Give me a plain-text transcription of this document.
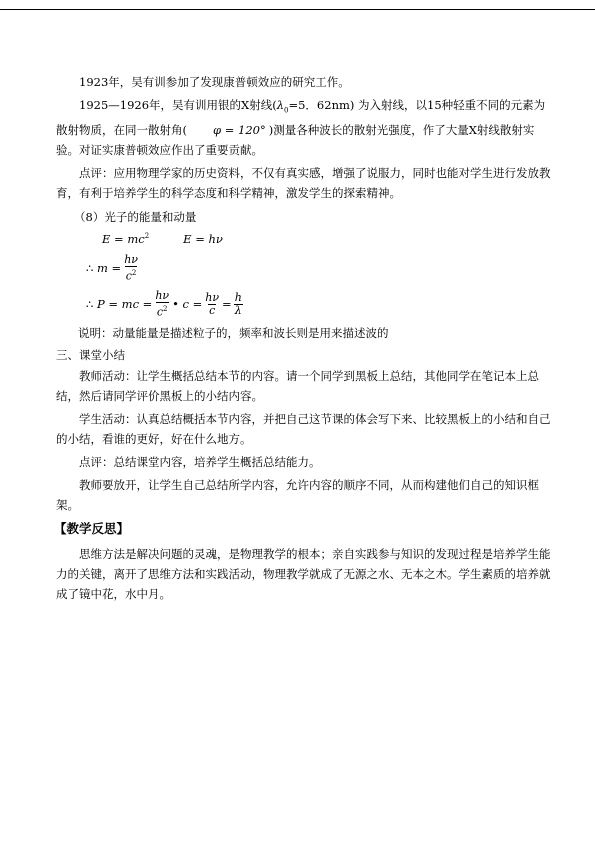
1923年，吴有训参加了发现康普顿效应的研究工作。

1925—1926年，吴有训用银的X射线($\lambda_0=5$．62nm) 为入射线，以15种轻重不同的元素为散射物质，在同一散射角( φ = 120° )测量各种波长的散射光强度，作了大量X射线散射实验。对证实康普顿效应作出了重要贡献。

点评：应用物理学家的历史资料，不仅有真实感，增强了说服力，同时也能对学生进行发放教育，有利于培养学生的科学态度和科学精神，激发学生的探索精神。

（8）光子的能量和动量

$E = mc^2$	E = hν
∴
$m = \frac{h\nu}{c^2}$
∴
P = mc = $\frac{h\nu}{c^2}$ • $c = \frac{h\nu}{c} = \frac{h}{\lambda}$

说明：动量能量是描述粒子的，频率和波长则是用来描述波的

三、课堂小结

教师活动：让学生概括总结本节的内容。请一个同学到黑板上总结，其他同学在笔记本上总结，然后请同学评价黑板上的小结内容。

学生活动：认真总结概括本节内容，并把自己这节课的体会写下来、比较黑板上的小结和自己的小结，看谁的更好，好在什么地方。

点评：总结课堂内容，培养学生概括总结能力。

教师要放开，让学生自己总结所学内容，允许内容的顺序不同，从而构建他们自己的知识框架。

【教学反思】

思维方法是解决问题的灵魂，是物理教学的根本；亲自实践参与知识的发现过程是培养学生能力的关键，离开了思维方法和实践活动，物理教学就成了无源之水、无本之木。学生素质的培养就成了镜中花，水中月。
